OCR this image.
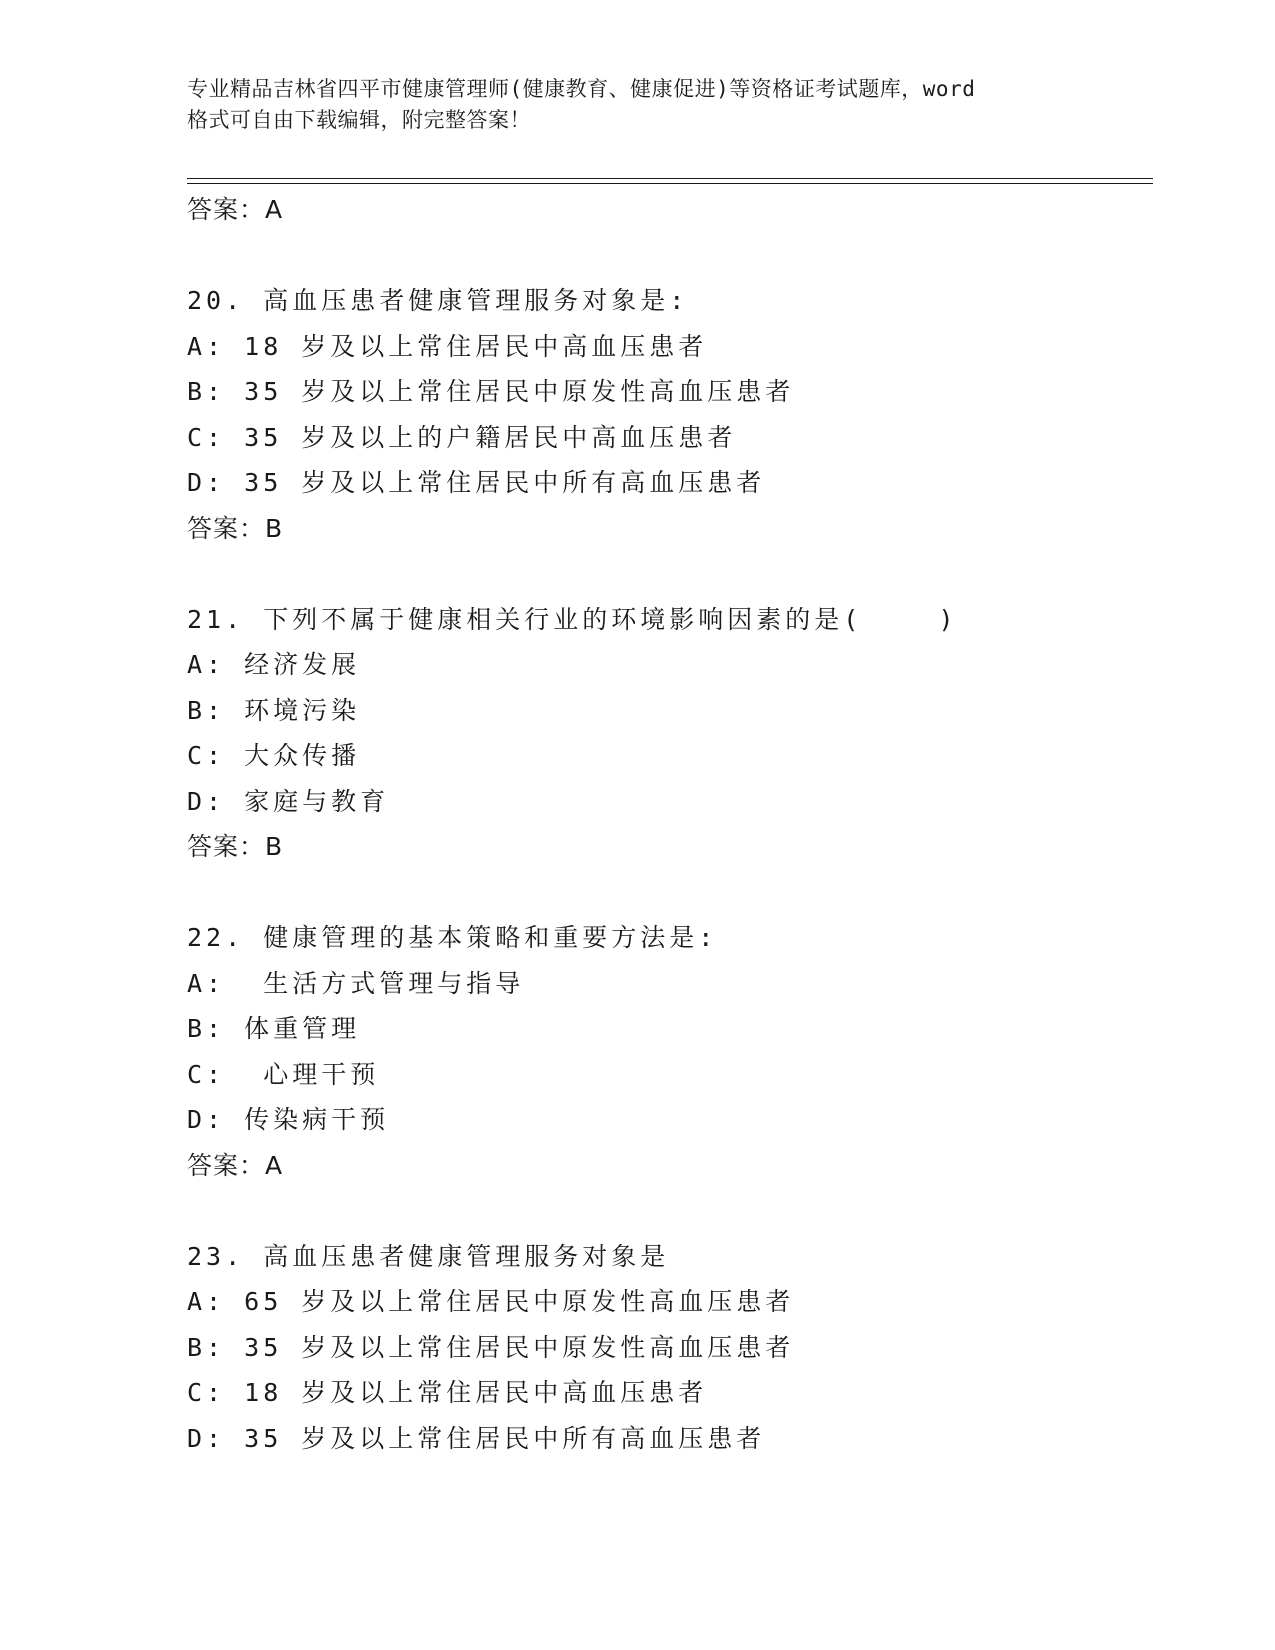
专业精品吉林省四平市健康管理师(健康教育、健康促进)等资格证考试题库，word
格式可自由下载编辑，附完整答案！
答案：A
20. 高血压患者健康管理服务对象是:
A: 18 岁及以上常住居民中高血压患者
B: 35 岁及以上常住居民中原发性高血压患者
C: 35 岁及以上的户籍居民中高血压患者
D: 35 岁及以上常住居民中所有高血压患者
答案：B
21. 下列不属于健康相关行业的环境影响因素的是(    )
A: 经济发展
B: 环境污染
C: 大众传播
D: 家庭与教育
答案：B
22. 健康管理的基本策略和重要方法是:
A:  生活方式管理与指导
B: 体重管理
C:  心理干预
D: 传染病干预
答案：A
23. 高血压患者健康管理服务对象是
A: 65 岁及以上常住居民中原发性高血压患者
B: 35 岁及以上常住居民中原发性高血压患者
C: 18 岁及以上常住居民中高血压患者
D: 35 岁及以上常住居民中所有高血压患者
